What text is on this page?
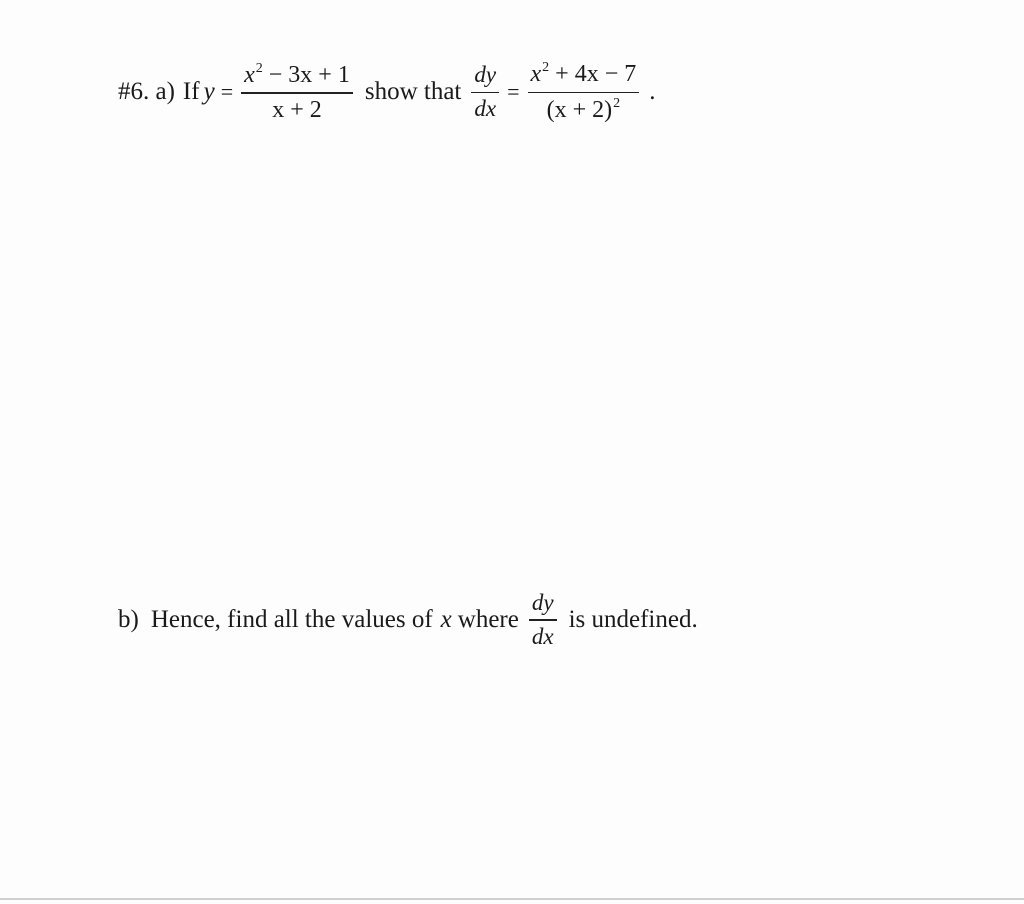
#6. a) If $y = \frac{x^2 - 3x + 1}{x + 2}$ show that $\frac{dy}{dx} = \frac{x^2 + 4x - 7}{(x + 2)^2}$ .
b) Hence, find all the values of x where $\frac{dy}{dx}$ is undefined.
